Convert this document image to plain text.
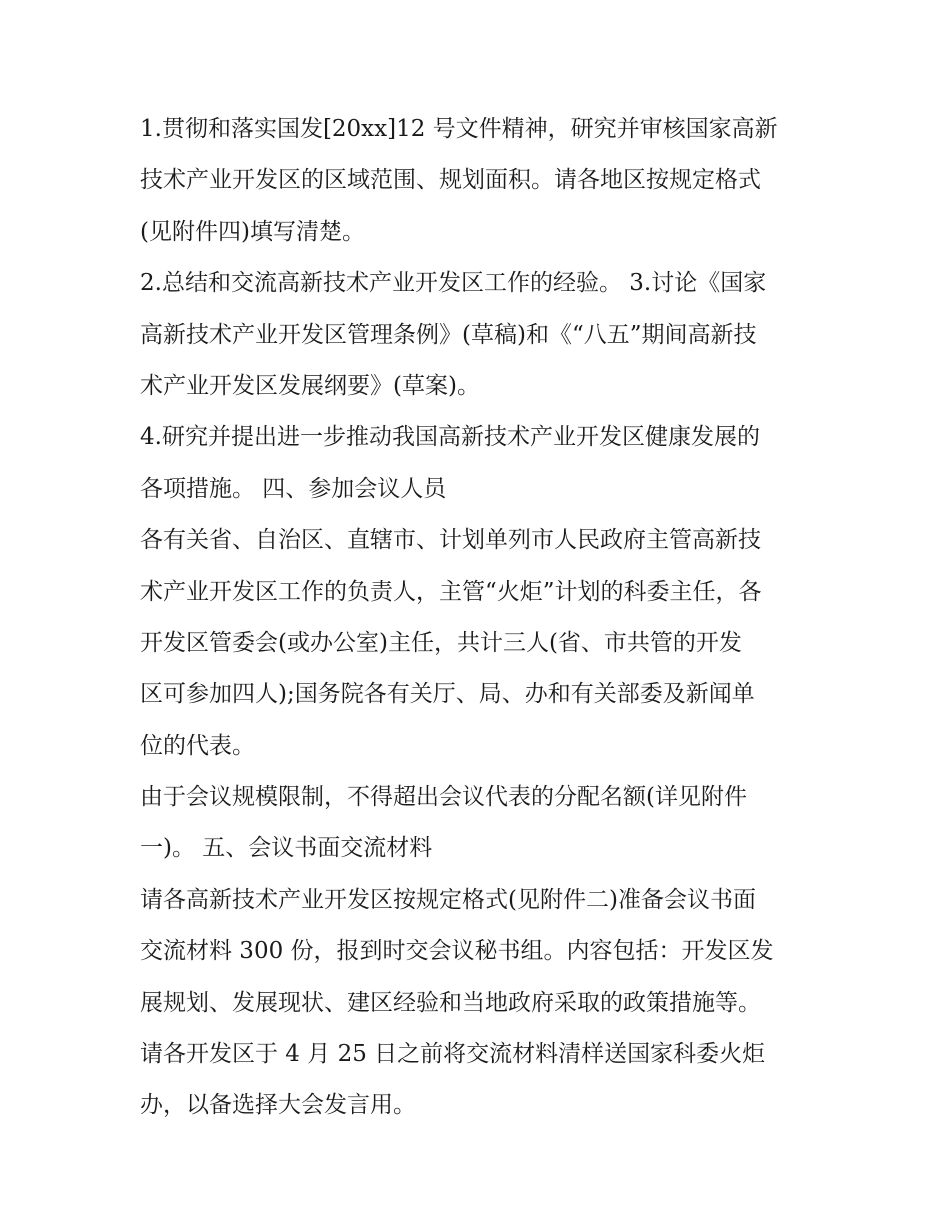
1.贯彻和落实国发[20xx]12 号文件精神，研究并审核国家高新
技术产业开发区的区域范围、规划面积。请各地区按规定格式
(见附件四)填写清楚。
2.总结和交流高新技术产业开发区工作的经验。 3.讨论《国家
高新技术产业开发区管理条例》(草稿)和《“八五”期间高新技
术产业开发区发展纲要》(草案)。
4.研究并提出进一步推动我国高新技术产业开发区健康发展的
各项措施。 四、参加会议人员
各有关省、自治区、直辖市、计划单列市人民政府主管高新技
术产业开发区工作的负责人，主管“火炬”计划的科委主任，各
开发区管委会(或办公室)主任，共计三人(省、市共管的开发
区可参加四人);国务院各有关厅、局、办和有关部委及新闻单
位的代表。
由于会议规模限制，不得超出会议代表的分配名额(详见附件
一)。 五、会议书面交流材料
请各高新技术产业开发区按规定格式(见附件二)准备会议书面
交流材料 300 份，报到时交会议秘书组。内容包括：开发区发
展规划、发展现状、建区经验和当地政府采取的政策措施等。
请各开发区于 4 月 25 日之前将交流材料清样送国家科委火炬
办，以备选择大会发言用。
